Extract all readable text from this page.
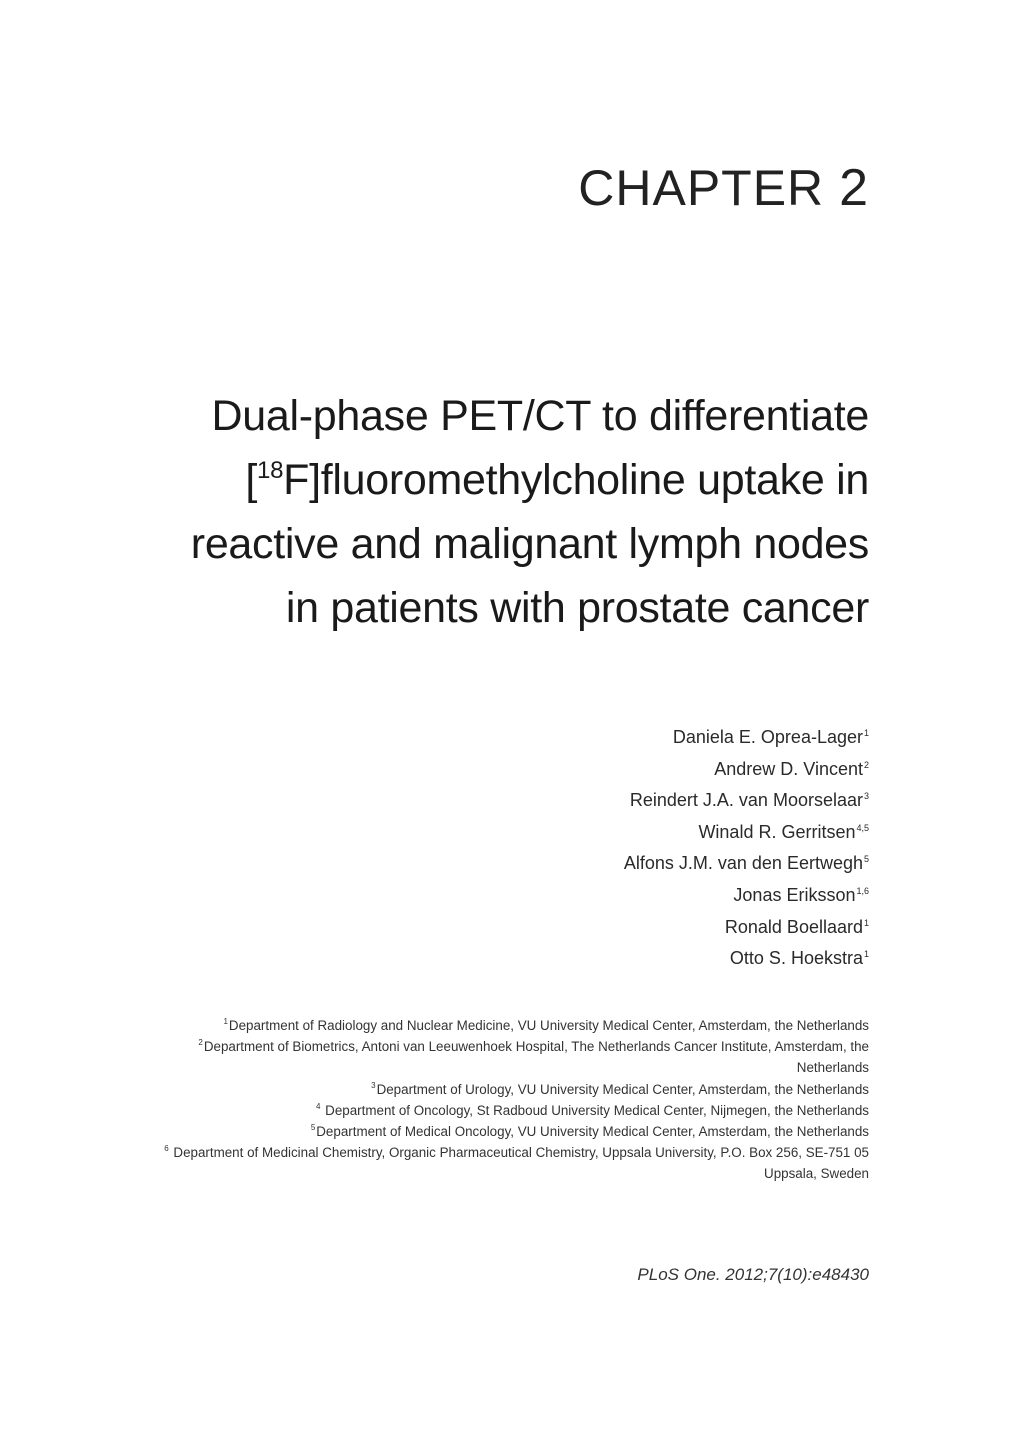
CHAPTER 2
Dual-phase PET/CT to differentiate
[$^{18}$F]fluoromethylcholine uptake in
reactive and malignant lymph nodes
in patients with prostate cancer
Daniela E. Oprea-Lager$^1$
Andrew D. Vincent$^2$
Reindert J.A. van Moorselaar$^3$
Winald R. Gerritsen$^{4,5}$
Alfons J.M. van den Eertwegh$^5$
Jonas Eriksson$^{1,6}$
Ronald Boellaard$^1$
Otto S. Hoekstra$^1$
$^1$Department of Radiology and Nuclear Medicine, VU University Medical Center, Amsterdam, the Netherlands
$^2$Department of Biometrics, Antoni van Leeuwenhoek Hospital, The Netherlands Cancer Institute, Amsterdam, the Netherlands
$^3$Department of Urology, VU University Medical Center, Amsterdam, the Netherlands
$^4$ Department of Oncology, St Radboud University Medical Center, Nijmegen, the Netherlands
$^5$Department of Medical Oncology, VU University Medical Center, Amsterdam, the Netherlands
$^6$ Department of Medicinal Chemistry, Organic Pharmaceutical Chemistry, Uppsala University, P.O. Box 256, SE-751 05 Uppsala, Sweden
PLoS One. 2012;7(10):e48430
